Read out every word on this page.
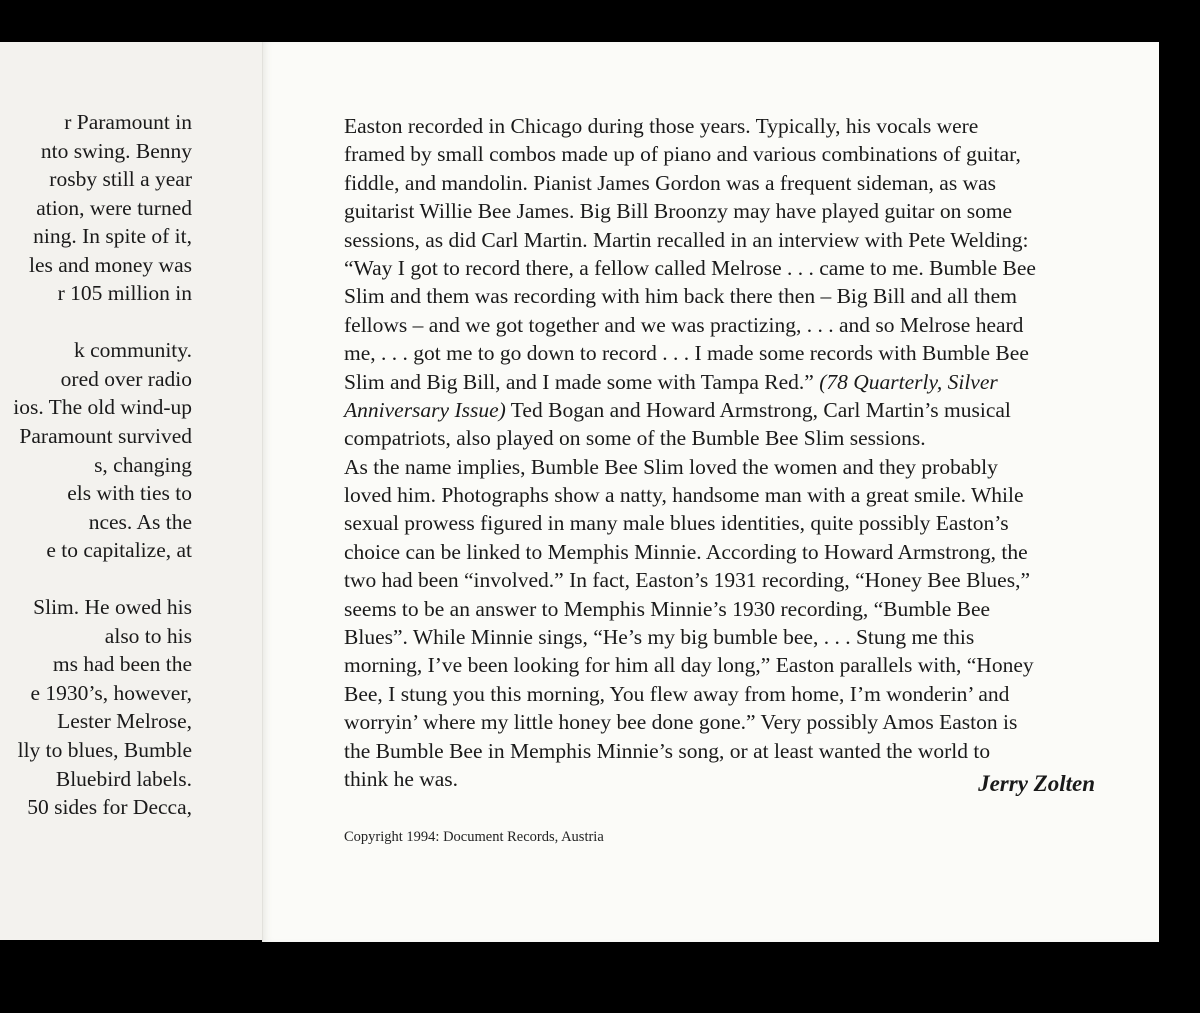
r Paramount in
nto swing. Benny
rosby still a year
ation, were turned
ning. In spite of it,
les and money was
r 105 million in
k community.
ored over radio
ios. The old wind-up
Paramount survived
s, changing
els with ties to
nces. As the
e to capitalize, at
Slim. He owed his
also to his
ms had been the
e 1930’s, however,
Lester Melrose,
lly to blues, Bumble
Bluebird labels.
50 sides for Decca,
Easton recorded in Chicago during those years. Typically, his vocals were
framed by small combos made up of piano and various combinations of guitar,
fiddle, and mandolin. Pianist James Gordon was a frequent sideman, as was
guitarist Willie Bee James. Big Bill Broonzy may have played guitar on some
sessions, as did Carl Martin. Martin recalled in an interview with Pete Welding:
“Way I got to record there, a fellow called Melrose . . . came to me. Bumble Bee
Slim and them was recording with him back there then – Big Bill and all them
fellows – and we got together and we was practizing, . . . and so Melrose heard
me, . . . got me to go down to record . . . I made some records with Bumble Bee
Slim and Big Bill, and I made some with Tampa Red.” (78 Quarterly, Silver
Anniversary Issue) Ted Bogan and Howard Armstrong, Carl Martin’s musical
compatriots, also played on some of the Bumble Bee Slim sessions.
As the name implies, Bumble Bee Slim loved the women and they probably
loved him. Photographs show a natty, handsome man with a great smile. While
sexual prowess figured in many male blues identities, quite possibly Easton’s
choice can be linked to Memphis Minnie. According to Howard Armstrong, the
two had been “involved.” In fact, Easton’s 1931 recording, “Honey Bee Blues,”
seems to be an answer to Memphis Minnie’s 1930 recording, “Bumble Bee
Blues”. While Minnie sings, “He’s my big bumble bee, . . . Stung me this
morning, I’ve been looking for him all day long,” Easton parallels with, “Honey
Bee, I stung you this morning, You flew away from home, I’m wonderin’ and
worryin’ where my little honey bee done gone.” Very possibly Amos Easton is
the Bumble Bee in Memphis Minnie’s song, or at least wanted the world to
think he was.	Jerry Zolten
Copyright 1994: Document Records, Austria
